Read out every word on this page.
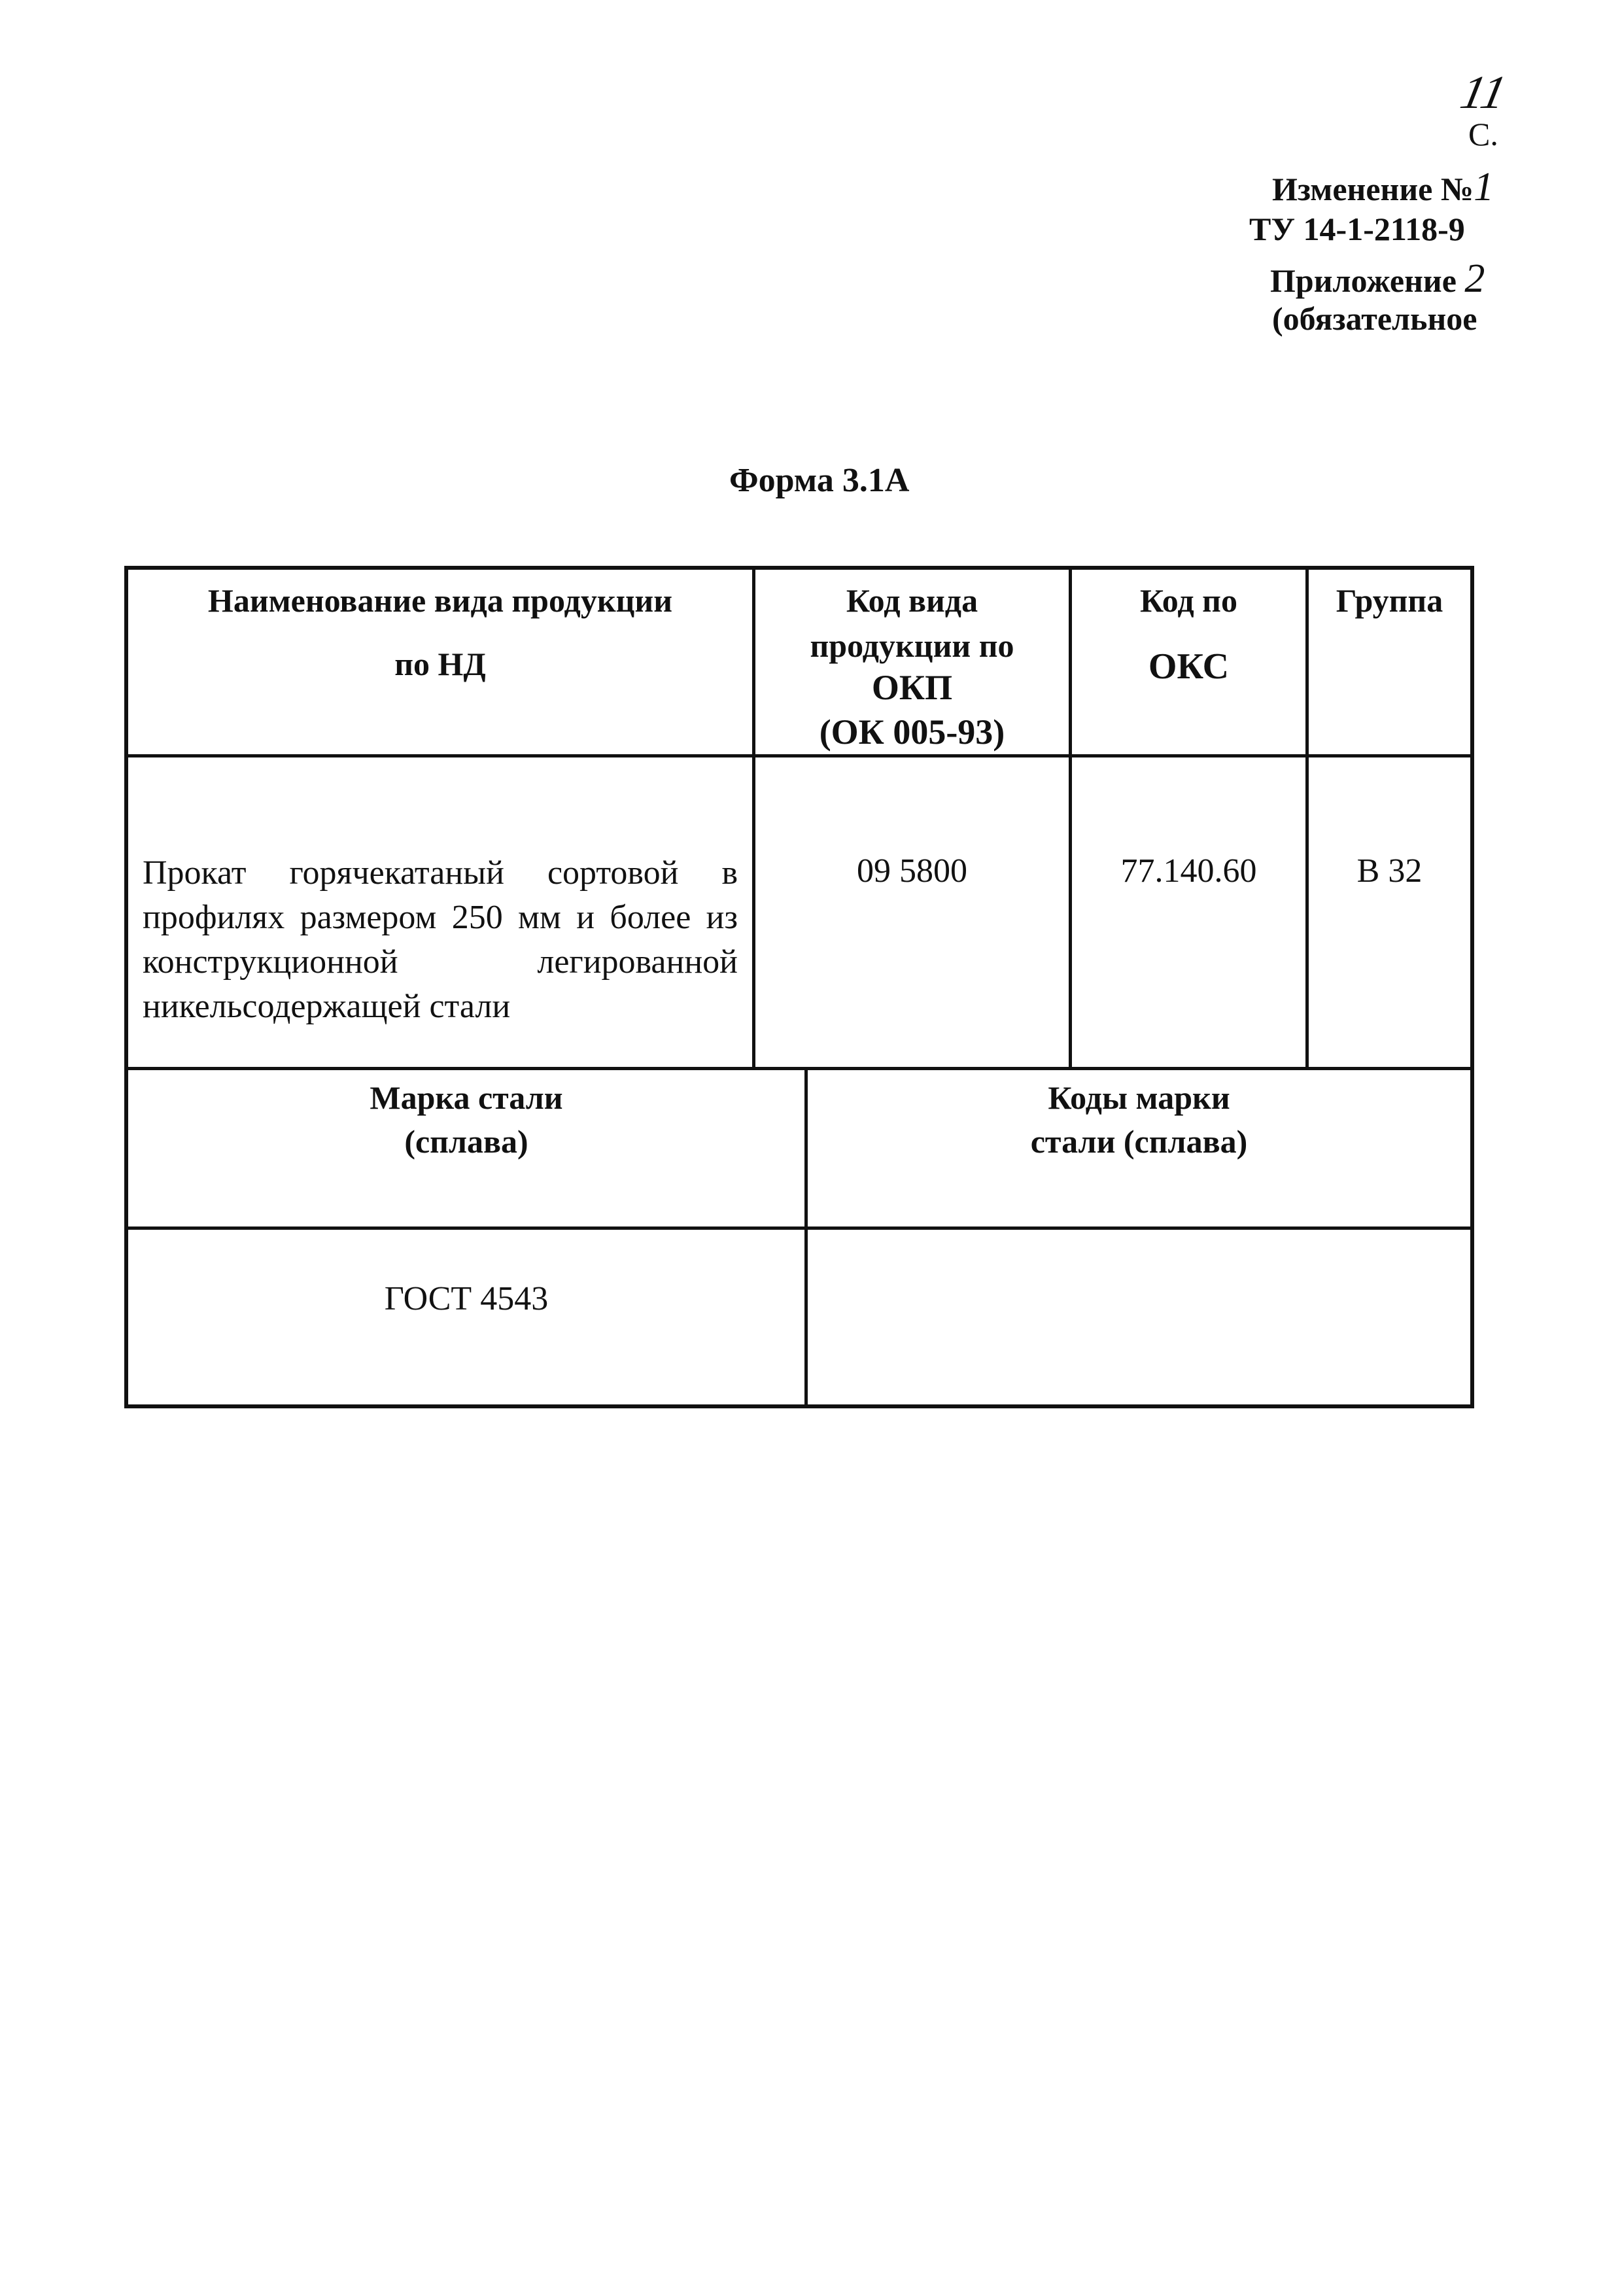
11
С.
Изменение №1
ТУ 14-1-2118-9
Приложение 2
(обязательное
Форма 3.1А
Наименование вида продукции
по НД
Код вида
продукции по
ОКП
(ОК 005-93)
Код по
ОКС
Группа
Прокат горячекатаный сортовой в профилях размером 250 мм и более из конструкционной легированной никельсодержащей стали
09 5800	77.140.60	В 32
Марка стали
(сплава)
Коды марки
стали (сплава)
ГОСТ 4543
